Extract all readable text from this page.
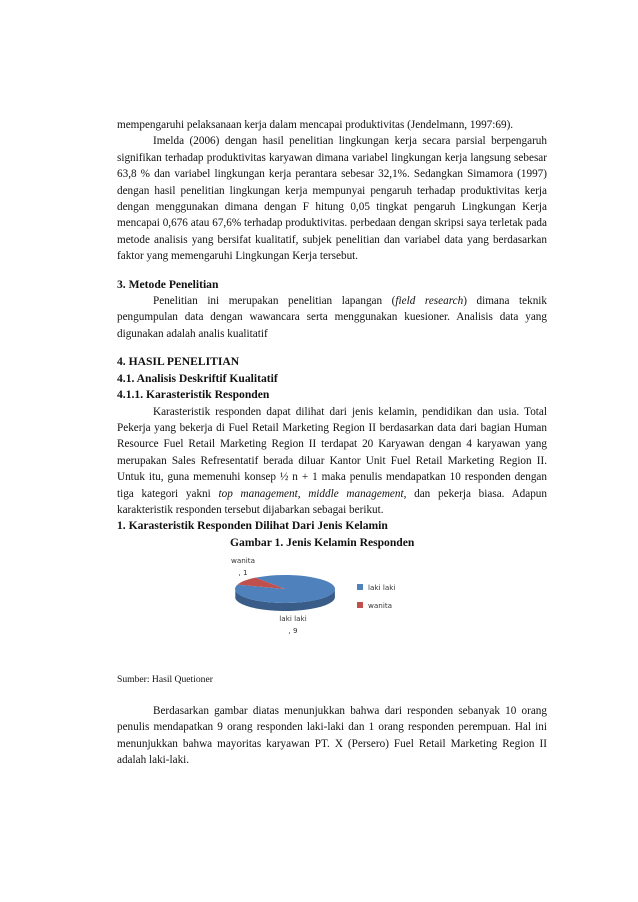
mempengaruhi pelaksanaan kerja dalam mencapai produktivitas (Jendelmann, 1997:69).

Imelda (2006) dengan hasil penelitian lingkungan kerja secara parsial berpengaruh signifikan terhadap produktivitas karyawan dimana variabel lingkungan kerja langsung sebesar 63,8 % dan variabel lingkungan kerja perantara sebesar 32,1%. Sedangkan Simamora (1997) dengan hasil penelitian lingkungan kerja mempunyai pengaruh terhadap produktivitas kerja dengan menggunakan dimana dengan F hitung 0,05 tingkat pengaruh Lingkungan Kerja mencapai 0,676 atau 67,6% terhadap produktivitas. perbedaan dengan skripsi saya terletak pada metode analisis yang bersifat kualitatif, subjek penelitian dan variabel data yang berdasarkan faktor yang memengaruhi Lingkungan Kerja tersebut.

3. Metode Penelitian

Penelitian ini merupakan penelitian lapangan (field research) dimana teknik pengumpulan data dengan wawancara serta menggunakan kuesioner. Analisis data yang digunakan adalah analis kualitatif

4. HASIL PENELITIAN

4.1. Analisis Deskriftif Kualitatif

4.1.1. Karasteristik Responden

Karasteristik responden dapat dilihat dari jenis kelamin, pendidikan dan usia. Total Pekerja yang bekerja di Fuel Retail Marketing Region II berdasarkan data dari bagian Human Resource Fuel Retail Marketing Region II terdapat 20 Karyawan dengan 4 karyawan yang merupakan Sales Refresentatif berada diluar Kantor Unit Fuel Retail Marketing Region II. Untuk itu, guna memenuhi konsep ½ n + 1 maka penulis mendapatkan 10 responden dengan tiga kategori yakni top management, middle management, dan pekerja biasa. Adapun karakteristik responden tersebut dijabarkan sebagai berikut.

1. Karasteristik Responden Dilihat Dari Jenis Kelamin

Gambar 1. Jenis Kelamin Responden

laki laki
, 9
wanita
, 1
laki laki
wanita

Sumber: Hasil Quetioner

Berdasarkan gambar diatas menunjukkan bahwa dari responden sebanyak 10 orang penulis mendapatkan 9 orang responden laki-laki dan 1 orang responden perempuan. Hal ini menunjukkan bahwa mayoritas karyawan PT. X (Persero) Fuel Retail Marketing Region II adalah laki-laki.
